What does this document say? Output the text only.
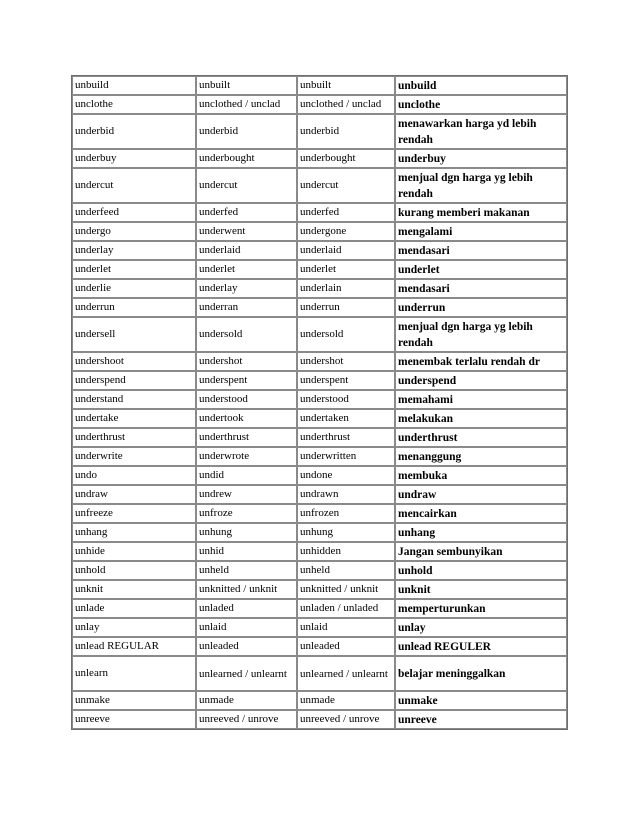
unbuild	unbuilt	unbuilt	unbuild
unclothe	unclothed / unclad	unclothed / unclad	unclothe
underbid	underbid	underbid	menawarkan harga yd lebih rendah
underbuy	underbought	underbought	underbuy
undercut	undercut	undercut	menjual dgn harga yg lebih rendah
underfeed	underfed	underfed	kurang memberi makanan
undergo	underwent	undergone	mengalami
underlay	underlaid	underlaid	mendasari
underlet	underlet	underlet	underlet
underlie	underlay	underlain	mendasari
underrun	underran	underrun	underrun
undersell	undersold	undersold	menjual dgn harga yg lebih rendah
undershoot	undershot	undershot	menembak terlalu rendah dr
underspend	underspent	underspent	underspend
understand	understood	understood	memahami
undertake	undertook	undertaken	melakukan
underthrust	underthrust	underthrust	underthrust
underwrite	underwrote	underwritten	menanggung
undo	undid	undone	membuka
undraw	undrew	undrawn	undraw
unfreeze	unfroze	unfrozen	mencairkan
unhang	unhung	unhung	unhang
unhide	unhid	unhidden	Jangan sembunyikan
unhold	unheld	unheld	unhold
unknit	unknitted / unknit	unknitted / unknit	unknit
unlade	unladed	unladen / unladed	memperturunkan
unlay	unlaid	unlaid	unlay
unlead REGULAR	unleaded	unleaded	unlead REGULER
unlearn	unlearned / unlearnt	unlearned / unlearnt	belajar meninggalkan
unmake	unmade	unmade	unmake
unreeve	unreeved / unrove	unreeved / unrove	unreeve
